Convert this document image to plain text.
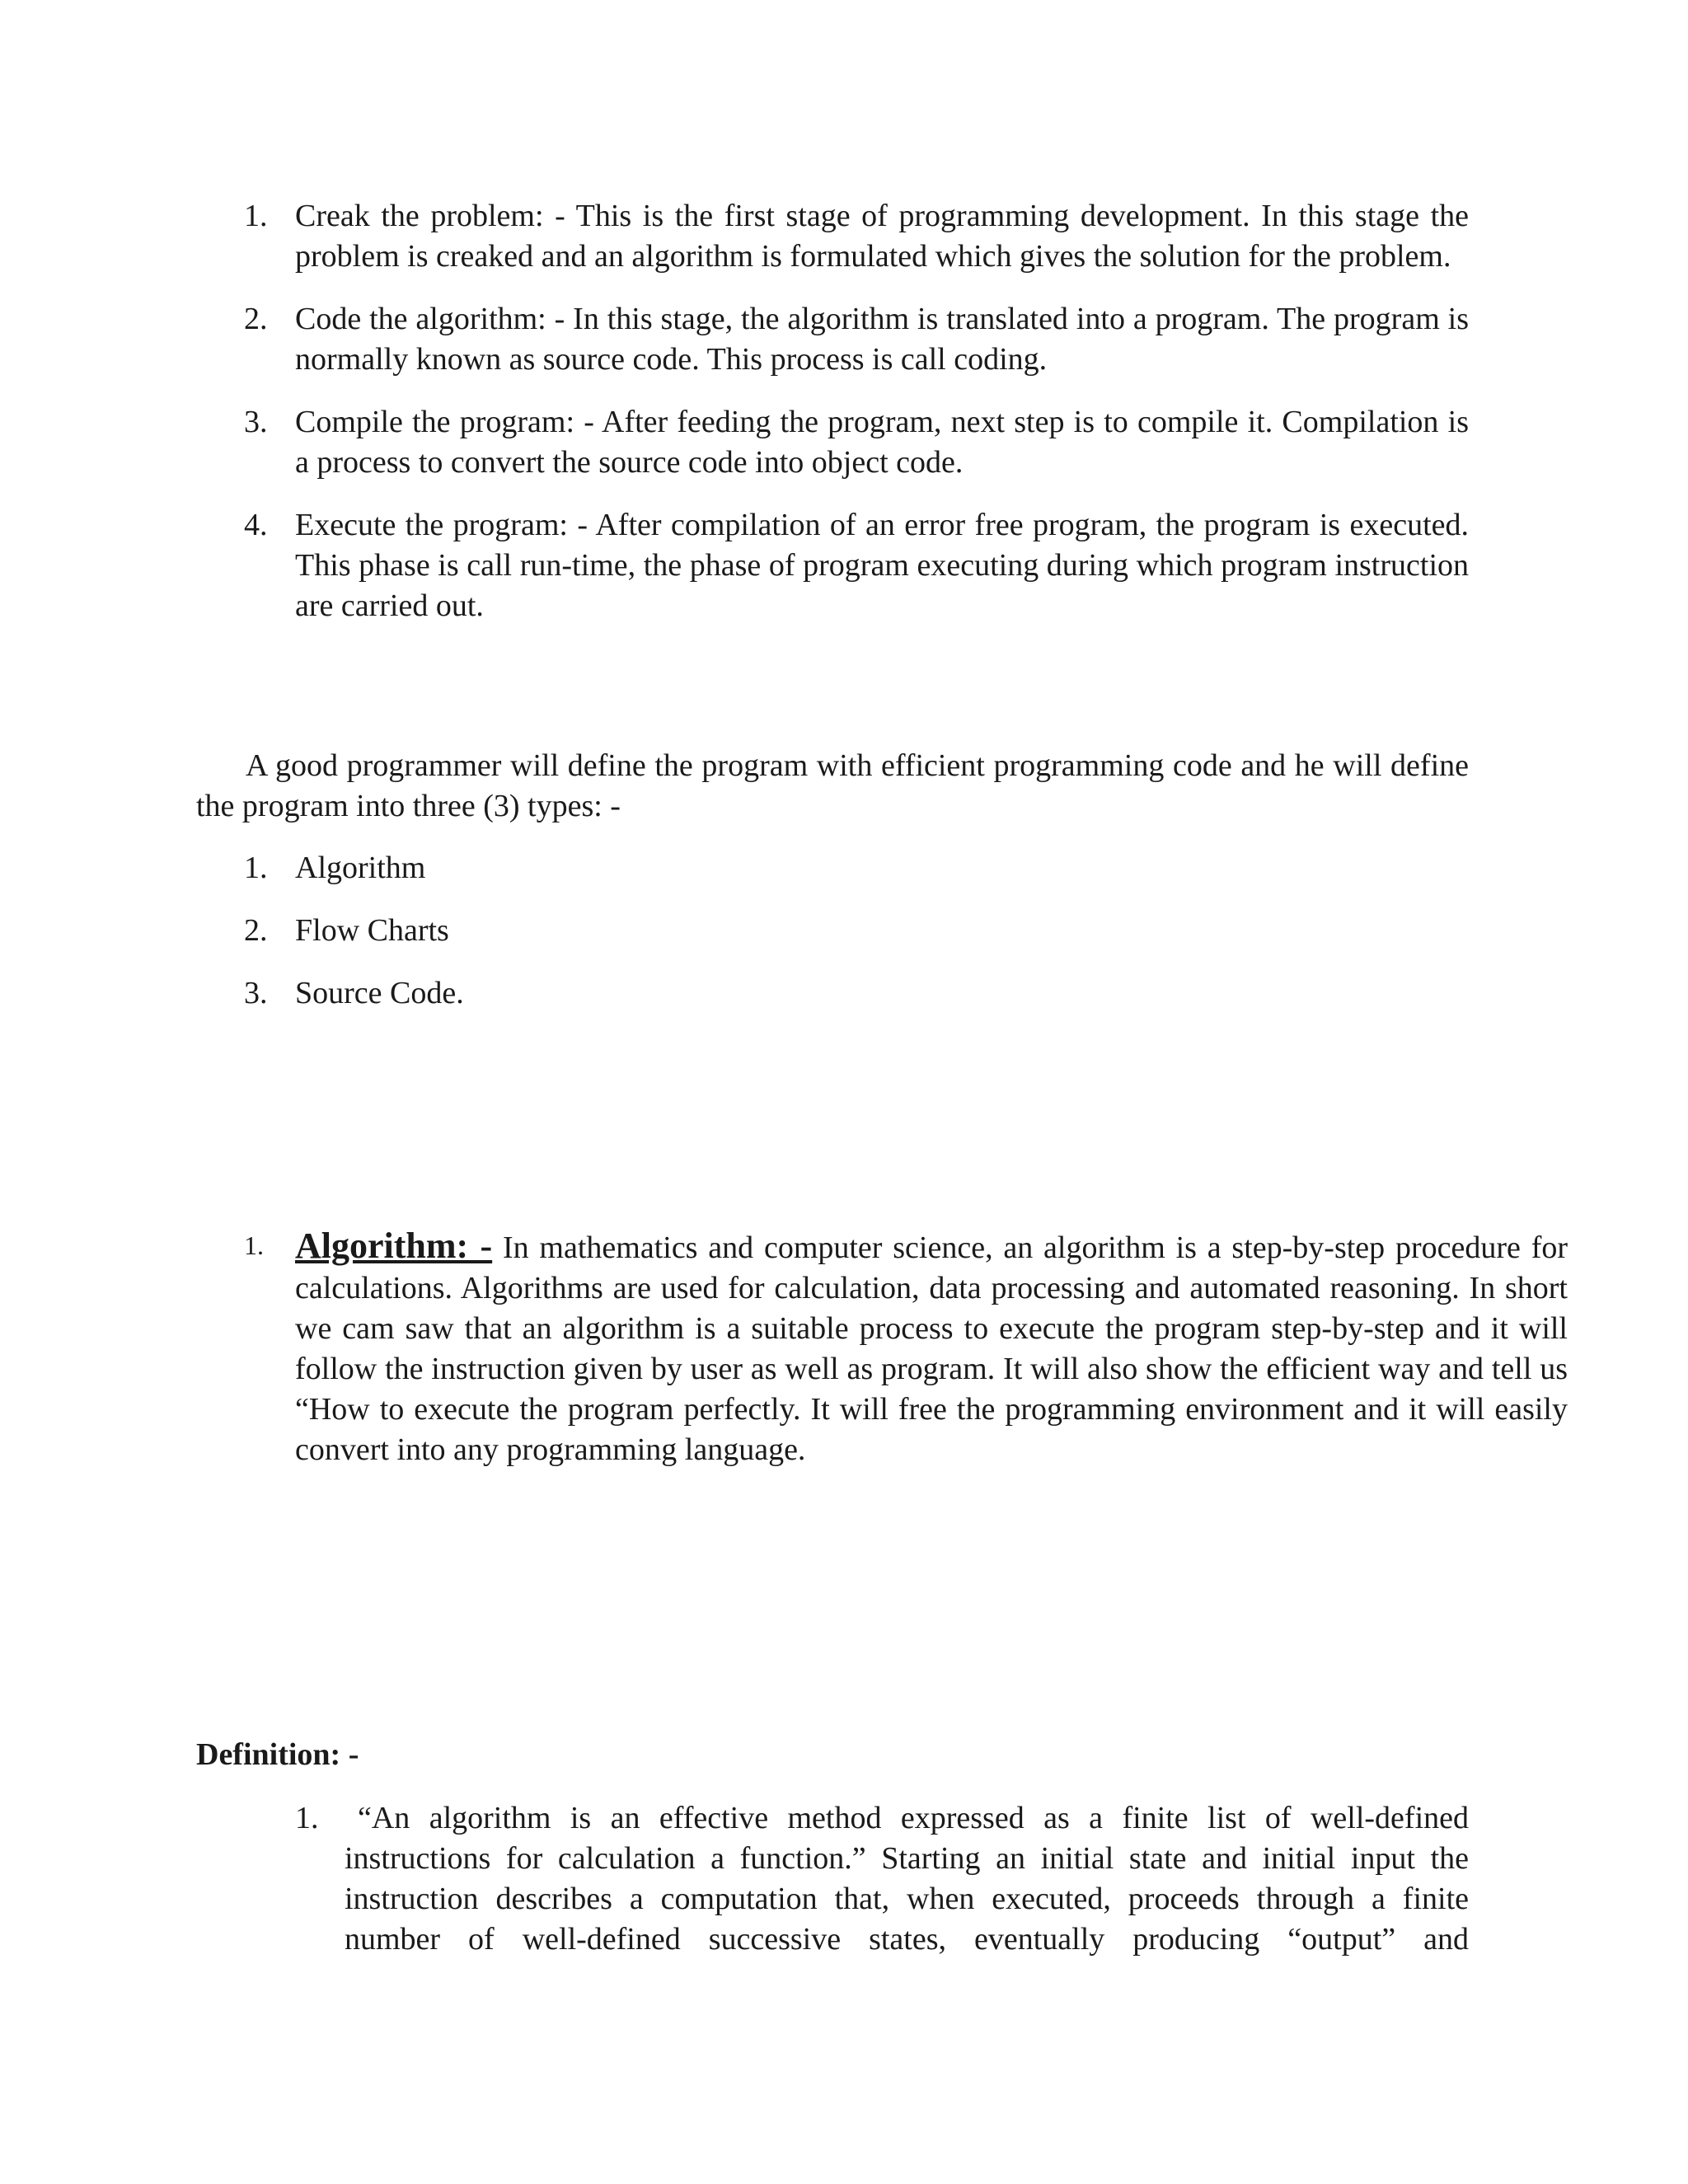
1. Creak the problem: - This is the first stage of programming development. In this stage the problem is creaked and an algorithm is formulated which gives the solution for the problem.
2. Code the algorithm: - In this stage, the algorithm is translated into a program. The program is normally known as source code. This process is call coding.
3. Compile the program: - After feeding the program, next step is to compile it. Compilation is a process to convert the source code into object code.
4. Execute the program: - After compilation of an error free program, the program is executed. This phase is call run-time, the phase of program executing during which program instruction are carried out.
A good programmer will define the program with efficient programming code and he will define the program into three (3) types: -
1. Algorithm
2. Flow Charts
3. Source Code.
1. Algorithm: - In mathematics and computer science, an algorithm is a step-by-step procedure for calculations. Algorithms are used for calculation, data processing and automated reasoning. In short we cam saw that an algorithm is a suitable process to execute the program step-by-step and it will follow the instruction given by user as well as program. It will also show the efficient way and tell us “How to execute the program perfectly. It will free the programming environment and it will easily convert into any programming language.
Definition: -
1. “An algorithm is an effective method expressed as a finite list of well-defined instructions for calculation a function.” Starting an initial state and initial input the instruction describes a computation that, when executed, proceeds through a finite number of well-defined successive states, eventually producing “output” and
